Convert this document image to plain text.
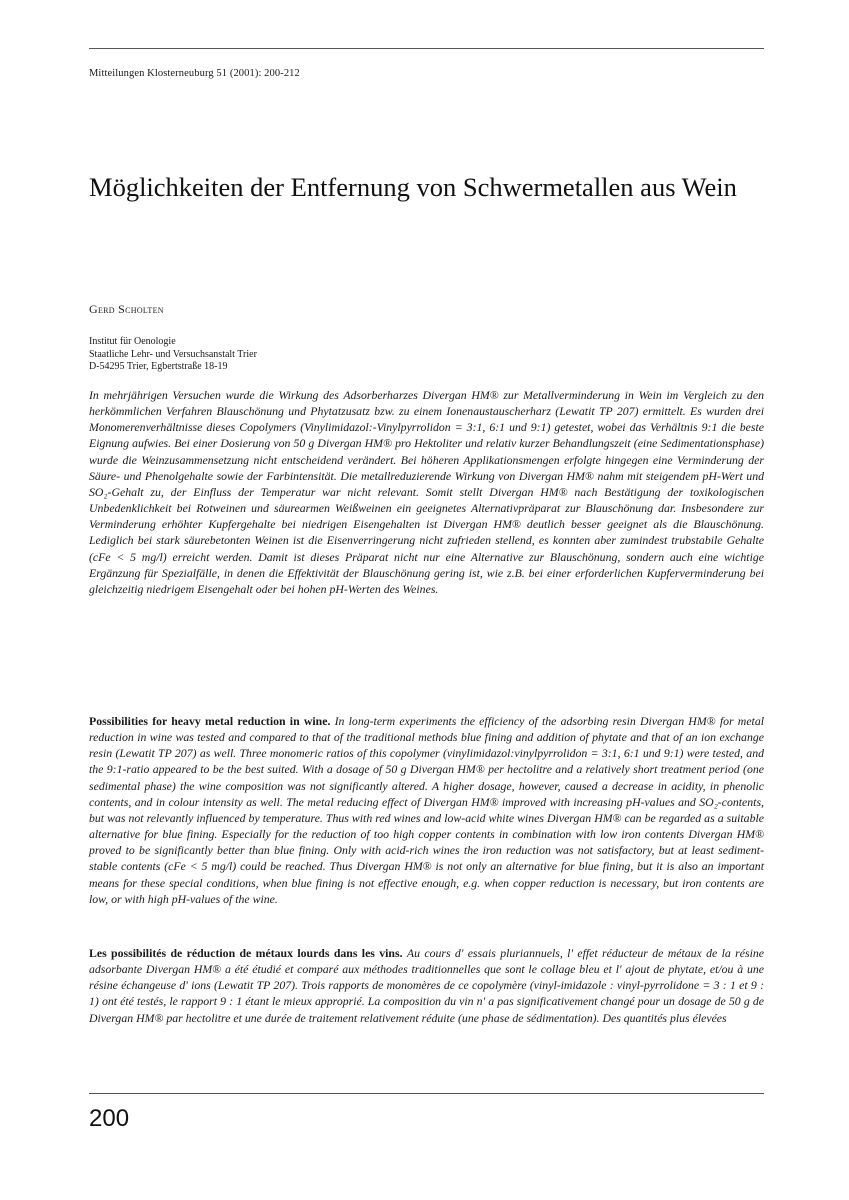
Mitteilungen Klosterneuburg 51 (2001): 200-212
Möglichkeiten der Entfernung von Schwermetallen aus Wein
Gerd Scholten
Institut für Oenologie
Staatliche Lehr- und Versuchsanstalt Trier
D-54295 Trier, Egbertstraße 18-19

In mehrjährigen Versuchen wurde die Wirkung des Adsorberharzes Divergan HM® zur Metallverminderung in Wein im Vergleich zu den herkömmlichen Verfahren Blauschönung und Phytatzusatz bzw. zu einem Ionenaustauscherharz (Lewatit TP 207) ermittelt. Es wurden drei Monomerenverhältnisse dieses Copolymers (Vinylimidazol:-Vinylpyrrolidon = 3:1, 6:1 und 9:1) getestet, wobei das Verhältnis 9:1 die beste Eignung aufwies. Bei einer Dosierung von 50 g Divergan HM® pro Hektoliter und relativ kurzer Behandlungszeit (eine Sedimentationsphase) wurde die Weinzusammensetzung nicht entscheidend verändert. Bei höheren Applikationsmengen erfolgte hingegen eine Verminderung der Säure- und Phenolgehalte sowie der Farbintensität. Die metallreduzierende Wirkung von Divergan HM® nahm mit steigendem pH-Wert und SO₂-Gehalt zu, der Einfluss der Temperatur war nicht relevant. Somit stellt Divergan HM® nach Bestätigung der toxikologischen Unbedenklichkeit bei Rotweinen und säurearmen Weißweinen ein geeignetes Alternativpräparat zur Blauschönung dar. Insbesondere zur Verminderung erhöhter Kupfergehalte bei niedrigen Eisengehalten ist Divergan HM® deutlich besser geeignet als die Blauschönung. Lediglich bei stark säurebetonten Weinen ist die Eisenverringerung nicht zufrieden stellend, es konnten aber zumindest trubstabile Gehalte (cFe < 5 mg/l) erreicht werden. Damit ist dieses Präparat nicht nur eine Alternative zur Blauschönung, sondern auch eine wichtige Ergänzung für Spezialfälle, in denen die Effektivität der Blauschönung gering ist, wie z.B. bei einer erforderlichen Kupferverminderung bei gleichzeitig niedrigem Eisengehalt oder bei hohen pH-Werten des Weines.

Possibilities for heavy metal reduction in wine. In long-term experiments the efficiency of the adsorbing resin Divergan HM® for metal reduction in wine was tested and compared to that of the traditional methods blue fining and addition of phytate and that of an ion exchange resin (Lewatit TP 207) as well. Three monomeric ratios of this copolymer (vinylimidazol:vinylpyrrolidon = 3:1, 6:1 und 9:1) were tested, and the 9:1-ratio appeared to be the best suited. With a dosage of 50 g Divergan HM® per hectolitre and a relatively short treatment period (one sedimental phase) the wine composition was not significantly altered. A higher dosage, however, caused a decrease in acidity, in phenolic contents, and in colour intensity as well. The metal reducing effect of Divergan HM® improved with increasing pH-values and SO₂-contents, but was not relevantly influenced by temperature. Thus with red wines and low-acid white wines Divergan HM® can be regarded as a suitable alternative for blue fining. Especially for the reduction of too high copper contents in combination with low iron contents Divergan HM® proved to be significantly better than blue fining. Only with acid-rich wines the iron reduction was not satisfactory, but at least sediment-stable contents (cFe < 5 mg/l) could be reached. Thus Divergan HM® is not only an alternative for blue fining, but it is also an important means for these special conditions, when blue fining is not effective enough, e.g. when copper reduction is necessary, but iron contents are low, or with high pH-values of the wine.

Les possibilités de réduction de métaux lourds dans les vins. Au cours d' essais pluriannuels, l' effet réducteur de métaux de la résine adsorbante Divergan HM® a été étudié et comparé aux méthodes traditionnelles que sont le collage bleu et l' ajout de phytate, et/ou à une résine échangeuse d' ions (Lewatit TP 207). Trois rapports de monomères de ce copolymère (vinyl-imidazole : vinyl-pyrrolidone = 3 : 1 et 9 : 1) ont été testés, le rapport 9 : 1 étant le mieux approprié. La composition du vin n' a pas significativement changé pour un dosage de 50 g de Divergan HM® par hectolitre et une durée de traitement relativement réduite (une phase de sédimentation). Des quantités plus élevées

200
